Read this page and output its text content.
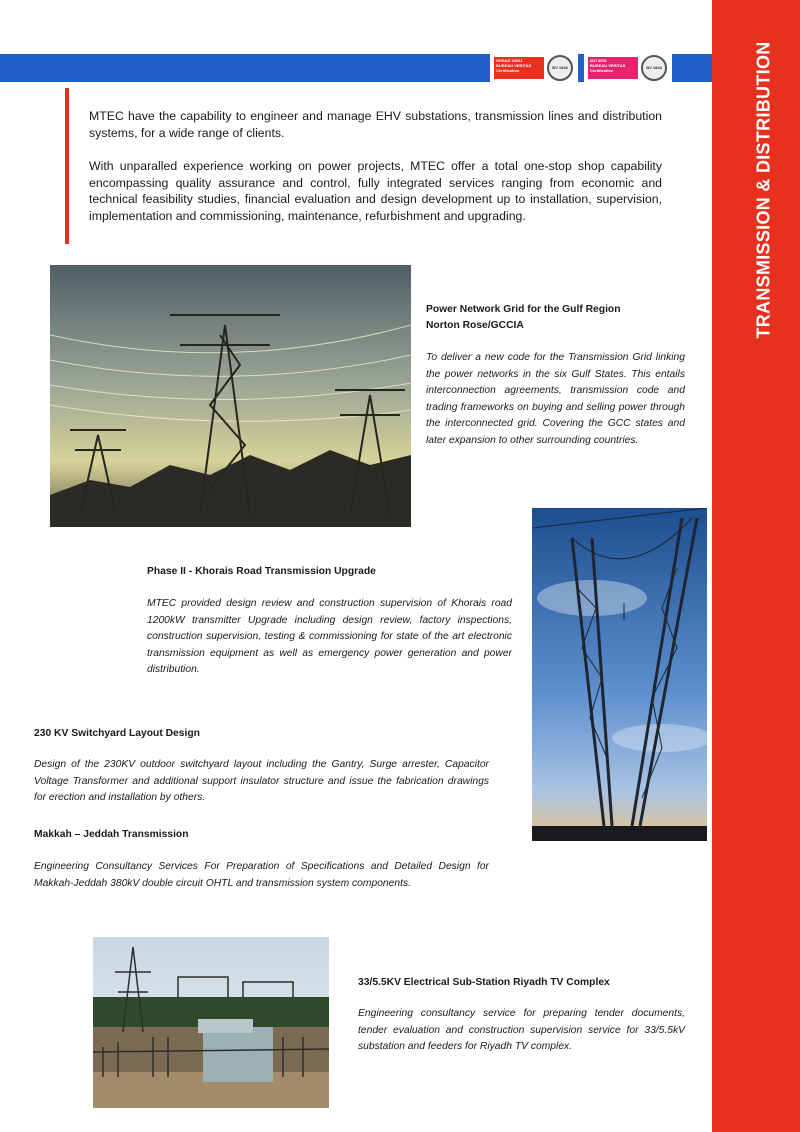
OHSAS 18001
BUREAU VERITAS
Certification
BV 1828
ISO 9001
BUREAU VERITAS
Certification
BV 1828	TRANSMISSION & DISTRIBUTION

MTEC have the capability to engineer and manage EHV substations, transmission lines and distribution systems, for a wide range of clients.

With unparalled experience working on power projects, MTEC offer a total one-stop shop capability encompassing quality assurance and control, fully integrated services ranging from economic and technical feasibility studies, financial evaluation and design development up to installation, supervision, implementation and commissioning, maintenance, refurbishment and upgrading.

Power Network Grid for the Gulf Region
Norton Rose/GCCIA
To deliver a new code for the Transmission Grid linking the power networks in the six Gulf States. This entails interconnection agreements, transmission code and trading frameworks on buying and selling power through the interconnected grid. Covering the GCC states and later expansion to other surrounding countries.
Phase II - Khorais Road Transmission Upgrade
MTEC provided design review and construction supervision of Khorais road 1200kW transmitter Upgrade including design review, factory inspections, construction supervision, testing & commissioning for state of the art electronic transmission equipment as well as emergency power generation and power distribution.
230 KV Switchyard Layout Design
Design of the 230KV outdoor switchyard layout including the Gantry, Surge arrester, Capacitor Voltage Transformer and additional support insulator structure and issue the fabrication drawings for erection and installation by others.
Makkah – Jeddah Transmission
Engineering Consultancy Services For Preparation of Specifications and Detailed Design for Makkah-Jeddah 380kV double circuit OHTL and transmission system components.
33/5.5KV Electrical Sub-Station Riyadh TV Complex
Engineering consultancy service for preparing tender documents, tender evaluation and construction supervision service for 33/5.5kV substation and feeders for Riyadh TV complex.
